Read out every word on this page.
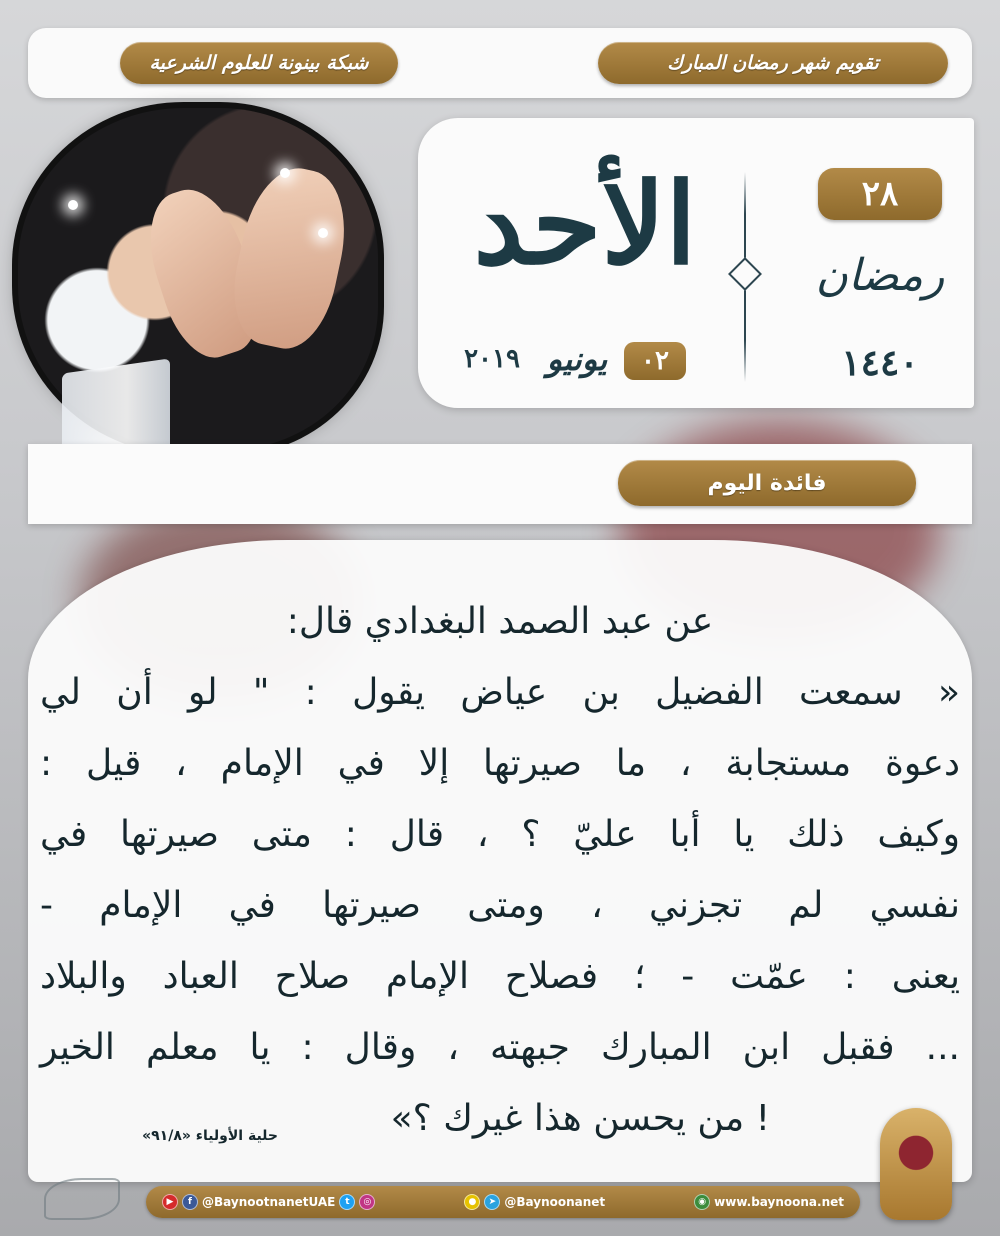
شبكة بينونة للعلوم الشرعية	تقويم شهر رمضان المبارك
٢٨
رمضان
١٤٤٠
الأحد
٠٢
يونيو
٢٠١٩
فائدة اليوم
عن عبد الصمد البغدادي قال:
« سمعت الفضيل بن عياض يقول : " لو أن لي
دعوة مستجابة ، ما صيرتها إلا في الإمام ، قيل :
وكيف ذلك يا أبا عليّ ؟ ، قال : متى صيرتها في
نفسي لم تجزني ، ومتى صيرتها في الإمام -
يعنى : عمّت - ؛ فصلاح الإمام صلاح العباد والبلاد
... فقبل ابن المبارك جبهته ، وقال : يا معلم الخير
! من يحسن هذا غيرك ؟»
حلية الأولياء «٩١/٨»
▶	f @BaynootnanetUAE	t	◎	●	➤ @Baynoonanet	◉ www.baynoona.net
